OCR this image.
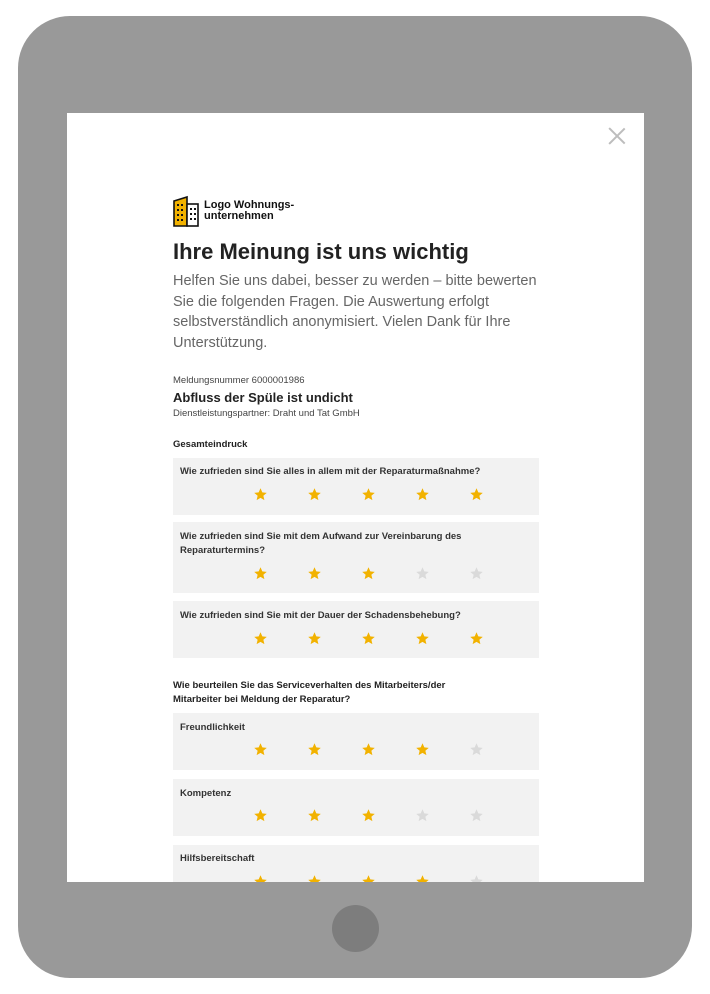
Logo Wohnungs-
unternehmen
Ihre Meinung ist uns wichtig

Helfen Sie uns dabei, besser zu werden – bitte bewerten Sie die folgenden Fragen. Die Auswertung erfolgt selbstverständlich anonymisiert. Vielen Dank für Ihre Unterstützung.

Meldungsnummer 6000001986
Abfluss der Spüle ist undicht
Dienstleistungspartner: Draht und Tat GmbH
Gesamteindruck
Wie zufrieden sind Sie alles in allem mit der Reparaturmaßnahme?
Wie zufrieden sind Sie mit dem Aufwand zur Vereinbarung des Reparaturtermins?
Wie zufrieden sind Sie mit der Dauer der Schadensbehebung?
Wie beurteilen Sie das Serviceverhalten des Mitarbeiters/der Mitarbeiter bei Meldung der Reparatur?
Freundlichkeit
Kompetenz
Hilfsbereitschaft
